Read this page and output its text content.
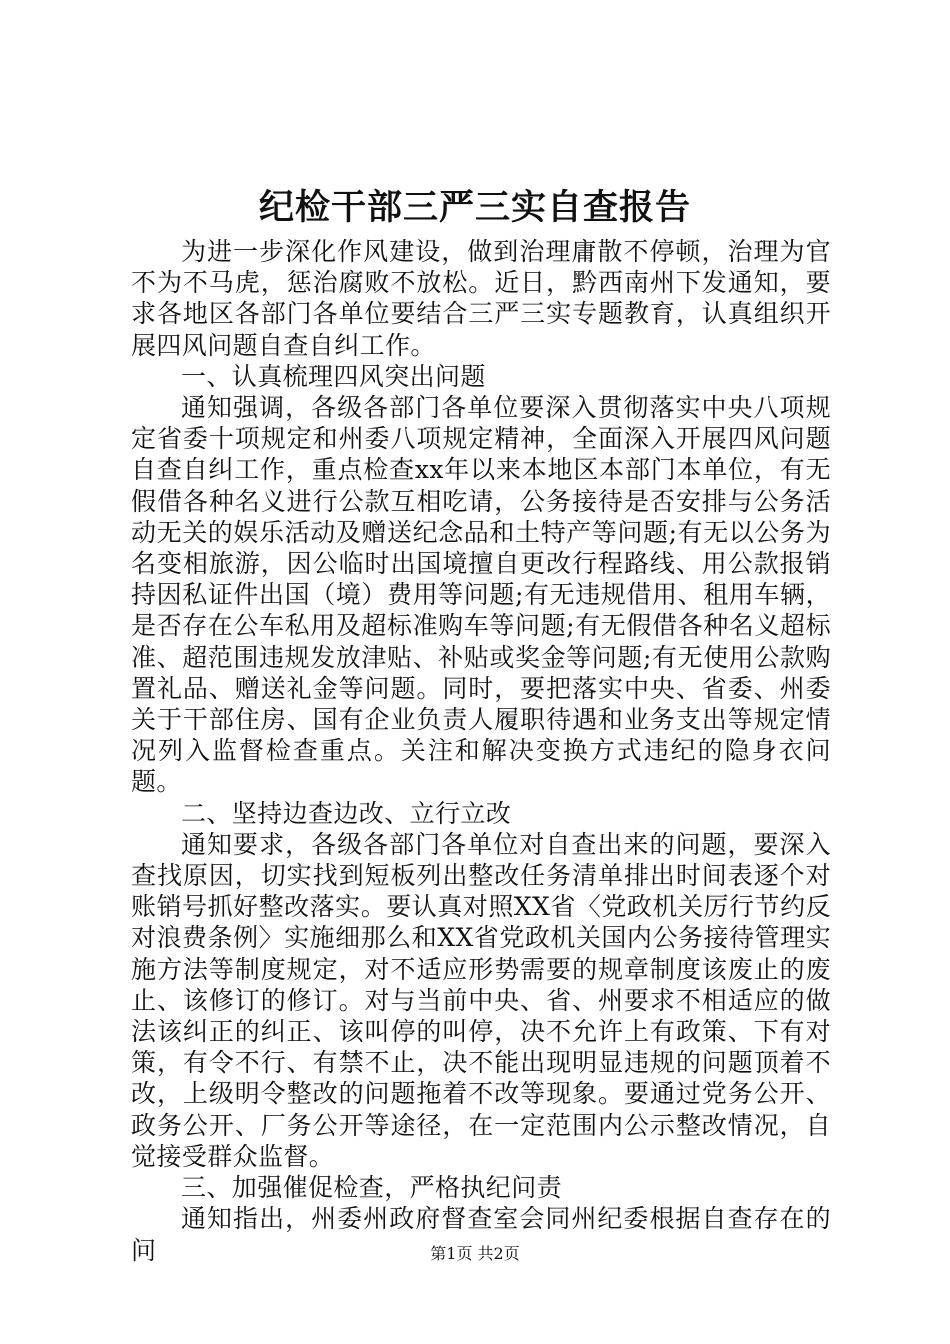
纪检干部三严三实自查报告

为进一步深化作风建设，做到治理庸散不停顿，治理为官不为不马虎，惩治腐败不放松。近日，黔西南州下发通知，要求各地区各部门各单位要结合三严三实专题教育，认真组织开展四风问题自查自纠工作。

一、认真梳理四风突出问题

通知强调，各级各部门各单位要深入贯彻落实中央八项规定省委十项规定和州委八项规定精神，全面深入开展四风问题自查自纠工作，重点检查xx年以来本地区本部门本单位，有无假借各种名义进行公款互相吃请，公务接待是否安排与公务活动无关的娱乐活动及赠送纪念品和土特产等问题;有无以公务为名变相旅游，因公临时出国境擅自更改行程路线、用公款报销持因私证件出国（境）费用等问题;有无违规借用、租用车辆，是否存在公车私用及超标准购车等问题;有无假借各种名义超标准、超范围违规发放津贴、补贴或奖金等问题;有无使用公款购置礼品、赠送礼金等问题。同时，要把落实中央、省委、州委关于干部住房、国有企业负责人履职待遇和业务支出等规定情况列入监督检查重点。关注和解决变换方式违纪的隐身衣问题。

二、坚持边查边改、立行立改

通知要求，各级各部门各单位对自查出来的问题，要深入查找原因，切实找到短板列出整改任务清单排出时间表逐个对账销号抓好整改落实。要认真对照XX省〈党政机关厉行节约反对浪费条例〉实施细那么和XX省党政机关国内公务接待管理实施方法等制度规定，对不适应形势需要的规章制度该废止的废止、该修订的修订。对与当前中央、省、州要求不相适应的做法该纠正的纠正、该叫停的叫停，决不允许上有政策、下有对策，有令不行、有禁不止，决不能出现明显违规的问题顶着不改，上级明令整改的问题拖着不改等现象。要通过党务公开、政务公开、厂务公开等途径，在一定范围内公示整改情况，自觉接受群众监督。

三、加强催促检查，严格执纪问责

通知指出，州委州政府督查室会同州纪委根据自查存在的问	第1页 共2页
